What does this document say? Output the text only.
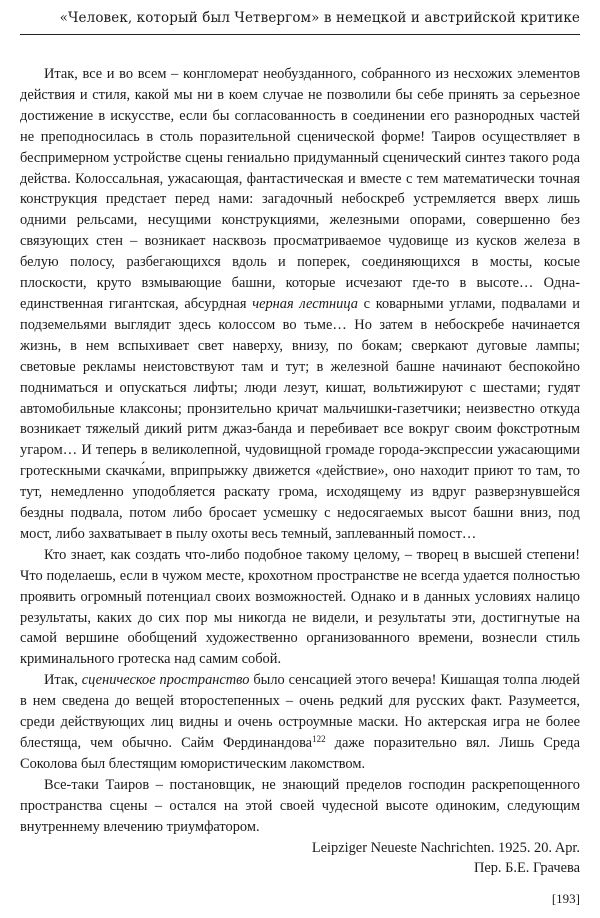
«Человек, который был Четвергом» в немецкой и австрийской критике

Итак, все и во всем – конгломерат необузданного, собранного из несхожих элементов действия и стиля, какой мы ни в коем случае не позволили бы себе принять за серьезное достижение в искусстве, если бы согласованность в соединении его разнородных частей не преподносилась в столь поразительной сценической форме! Таиров осуществляет в беспримерном устройстве сцены гениально придуманный сценический синтез такого рода действа. Колоссальная, ужасающая, фантастическая и вместе с тем математически точная конструкция предстает перед нами: загадочный небоскреб устремляется вверх лишь одними рельсами, несущими конструкциями, железными опорами, совершенно без связующих стен – возникает насквозь просматриваемое чудовище из кусков железа в белую полосу, разбегающихся вдоль и поперек, соединяющихся в мосты, косые плоскости, круто взмывающие башни, которые исчезают где-то в высоте… Одна-единственная гигантская, абсурдная черная лестница с коварными углами, подвалами и подземельями выглядит здесь колоссом во тьме… Но затем в небоскребе начинается жизнь, в нем вспыхивает свет наверху, внизу, по бокам; сверкают дуговые лампы; световые рекламы неистовствуют там и тут; в железной башне начинают беспокойно подниматься и опускаться лифты; люди лезут, кишат, вольтижируют с шестами; гудят автомобильные клаксоны; пронзительно кричат мальчишки-газетчики; неизвестно откуда возникает тяжелый дикий ритм джаз-банда и перебивает все вокруг своим фокстротным угаром… И теперь в великолепной, чудовищной громаде города-экспрессии ужасающими гротескными скачка́ми, вприпрыжку движется «действие», оно находит приют то там, то тут, немедленно уподобляется раскату грома, исходящему из вдруг разверзнувшейся бездны подвала, потом либо бросает усмешку с недосягаемых высот башни вниз, под мост, либо захватывает в пылу охоты весь темный, заплеванный помост…

Кто знает, как создать что-либо подобное такому целому, – творец в высшей степени! Что поделаешь, если в чужом месте, крохотном пространстве не всегда удается полностью проявить огромный потенциал своих возможностей. Однако и в данных условиях налицо результаты, каких до сих пор мы никогда не видели, и результаты эти, достигнутые на самой вершине обобщений художественно организованного времени, вознесли стиль криминального гротеска над самим собой.

Итак, сценическое пространство было сенсацией этого вечера! Кишащая толпа людей в нем сведена до вещей второстепенных – очень редкий для русских факт. Разумеется, среди действующих лиц видны и очень остроумные маски. Но актерская игра не более блестяща, чем обычно. Сайм Фердинандова$^{122}$ даже поразительно вял. Лишь Среда Соколова был блестящим юмористическим лакомством.

Все-таки Таиров – постановщик, не знающий пределов господин раскрепощенного пространства сцены – остался на этой своей чудесной высоте одиноким, следующим внутреннему влечению триумфатором.

Leipziger Neueste Nachrichten. 1925. 20. Apr.
Пер. Б.Е. Грачева
[193]
